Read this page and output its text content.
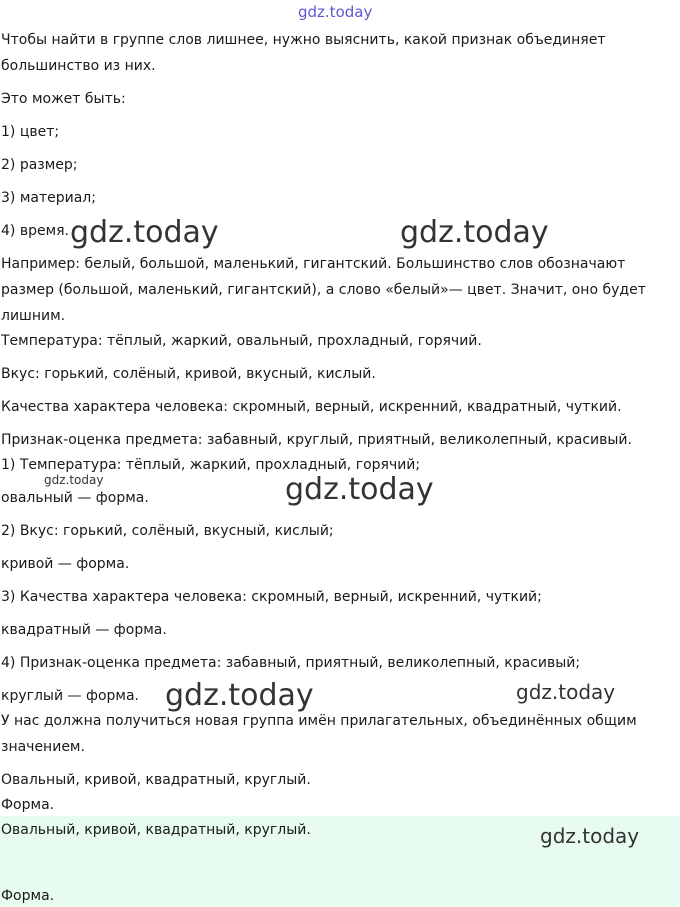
gdz.today
Чтобы найти в группе слов лишнее, нужно выяснить, какой признак объединяет
большинство из них.
Это может быть:
1) цвет;
2) размер;
3) материал;
4) время.
Например: белый, большой, маленький, гигантский. Большинство слов обозначают
размер (большой, маленький, гигантский), а слово «белый»— цвет. Значит, оно будет
лишним.
Температура: тёплый, жаркий, овальный, прохладный, горячий.
Вкус: горький, солёный, кривой, вкусный, кислый.
Качества характера человека: скромный, верный, искренний, квадратный, чуткий.
Признак-оценка предмета: забавный, круглый, приятный, великолепный, красивый.
1) Температура: тёплый, жаркий, прохладный, горячий;
овальный — форма.
2) Вкус: горький, солёный, вкусный, кислый;
кривой — форма.
3) Качества характера человека: скромный, верный, искренний, чуткий;
квадратный — форма.
4) Признак-оценка предмета: забавный, приятный, великолепный, красивый;
круглый — форма.
У нас должна получиться новая группа имён прилагательных, объединённых общим
значением.
Овальный, кривой, квадратный, круглый.
Форма.
Овальный, кривой, квадратный, круглый.
Форма.
gdz.today	gdz.today
gdz.today	gdz.today
gdz.today	gdz.today
gdz.today
